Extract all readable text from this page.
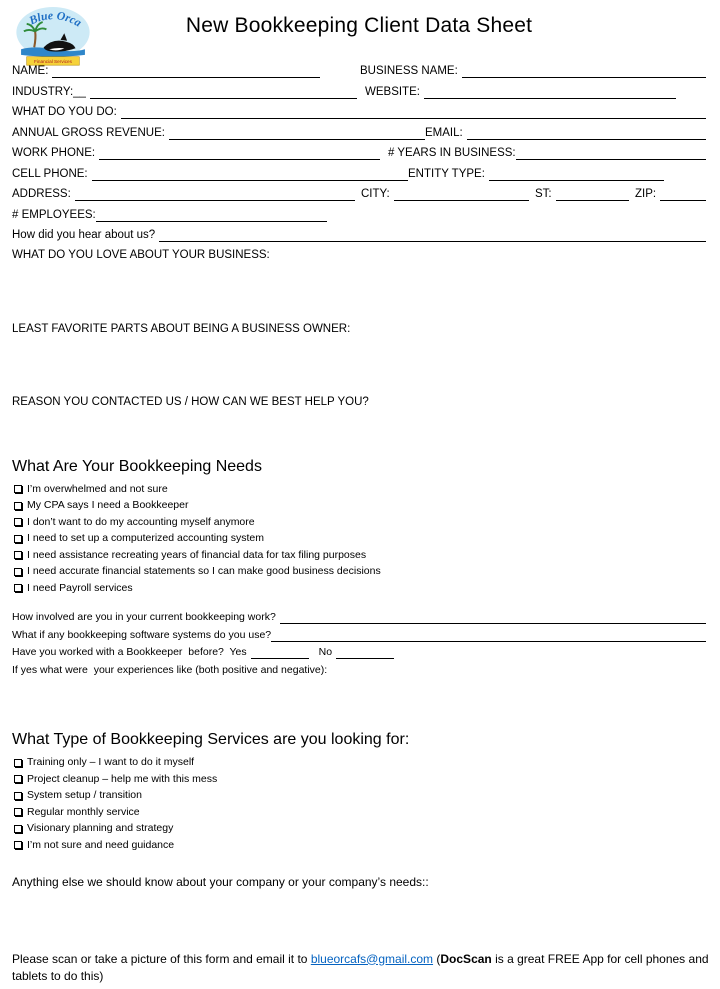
Blue Orca
Financial Services
New Bookkeeping Client Data Sheet
NAME:	BUSINESS NAME:
INDUSTRY:__	WEBSITE:
WHAT DO YOU DO:
ANNUAL GROSS REVENUE:	EMAIL:
WORK PHONE:	# YEARS IN BUSINESS:
CELL PHONE:	ENTITY TYPE:
ADDRESS:	CITY:	ST:	ZIP:
# EMPLOYEES:
How did you hear about us?
WHAT DO YOU LOVE ABOUT YOUR BUSINESS:
LEAST FAVORITE PARTS ABOUT BEING A BUSINESS OWNER:
REASON YOU CONTACTED US / HOW CAN WE BEST HELP YOU?
What Are Your Bookkeeping Needs
I’m overwhelmed and not sure
My CPA says I need a Bookkeeper
I don’t want to do my accounting myself anymore
I need to set up a computerized accounting system
I need assistance recreating years of financial data for tax filing purposes
I need accurate financial statements so I can make good business decisions
I need Payroll services
How involved are you in your current bookkeeping work?
What if any bookkeeping software systems do you use?
Have you worked with a Bookkeeper  before?  Yes	No
If yes what were  your experiences like (both positive and negative):
What Type of Bookkeeping Services are you looking for:
Training only – I want to do it myself
Project cleanup – help me with this mess
System setup / transition
Regular monthly service
Visionary planning and strategy
I’m not sure and need guidance
Anything else we should know about your company or your company’s needs::
Please scan or take a picture of this form and email it to blueorcafs@gmail.com (DocScan is a great FREE App for cell phones and tablets to do this)
